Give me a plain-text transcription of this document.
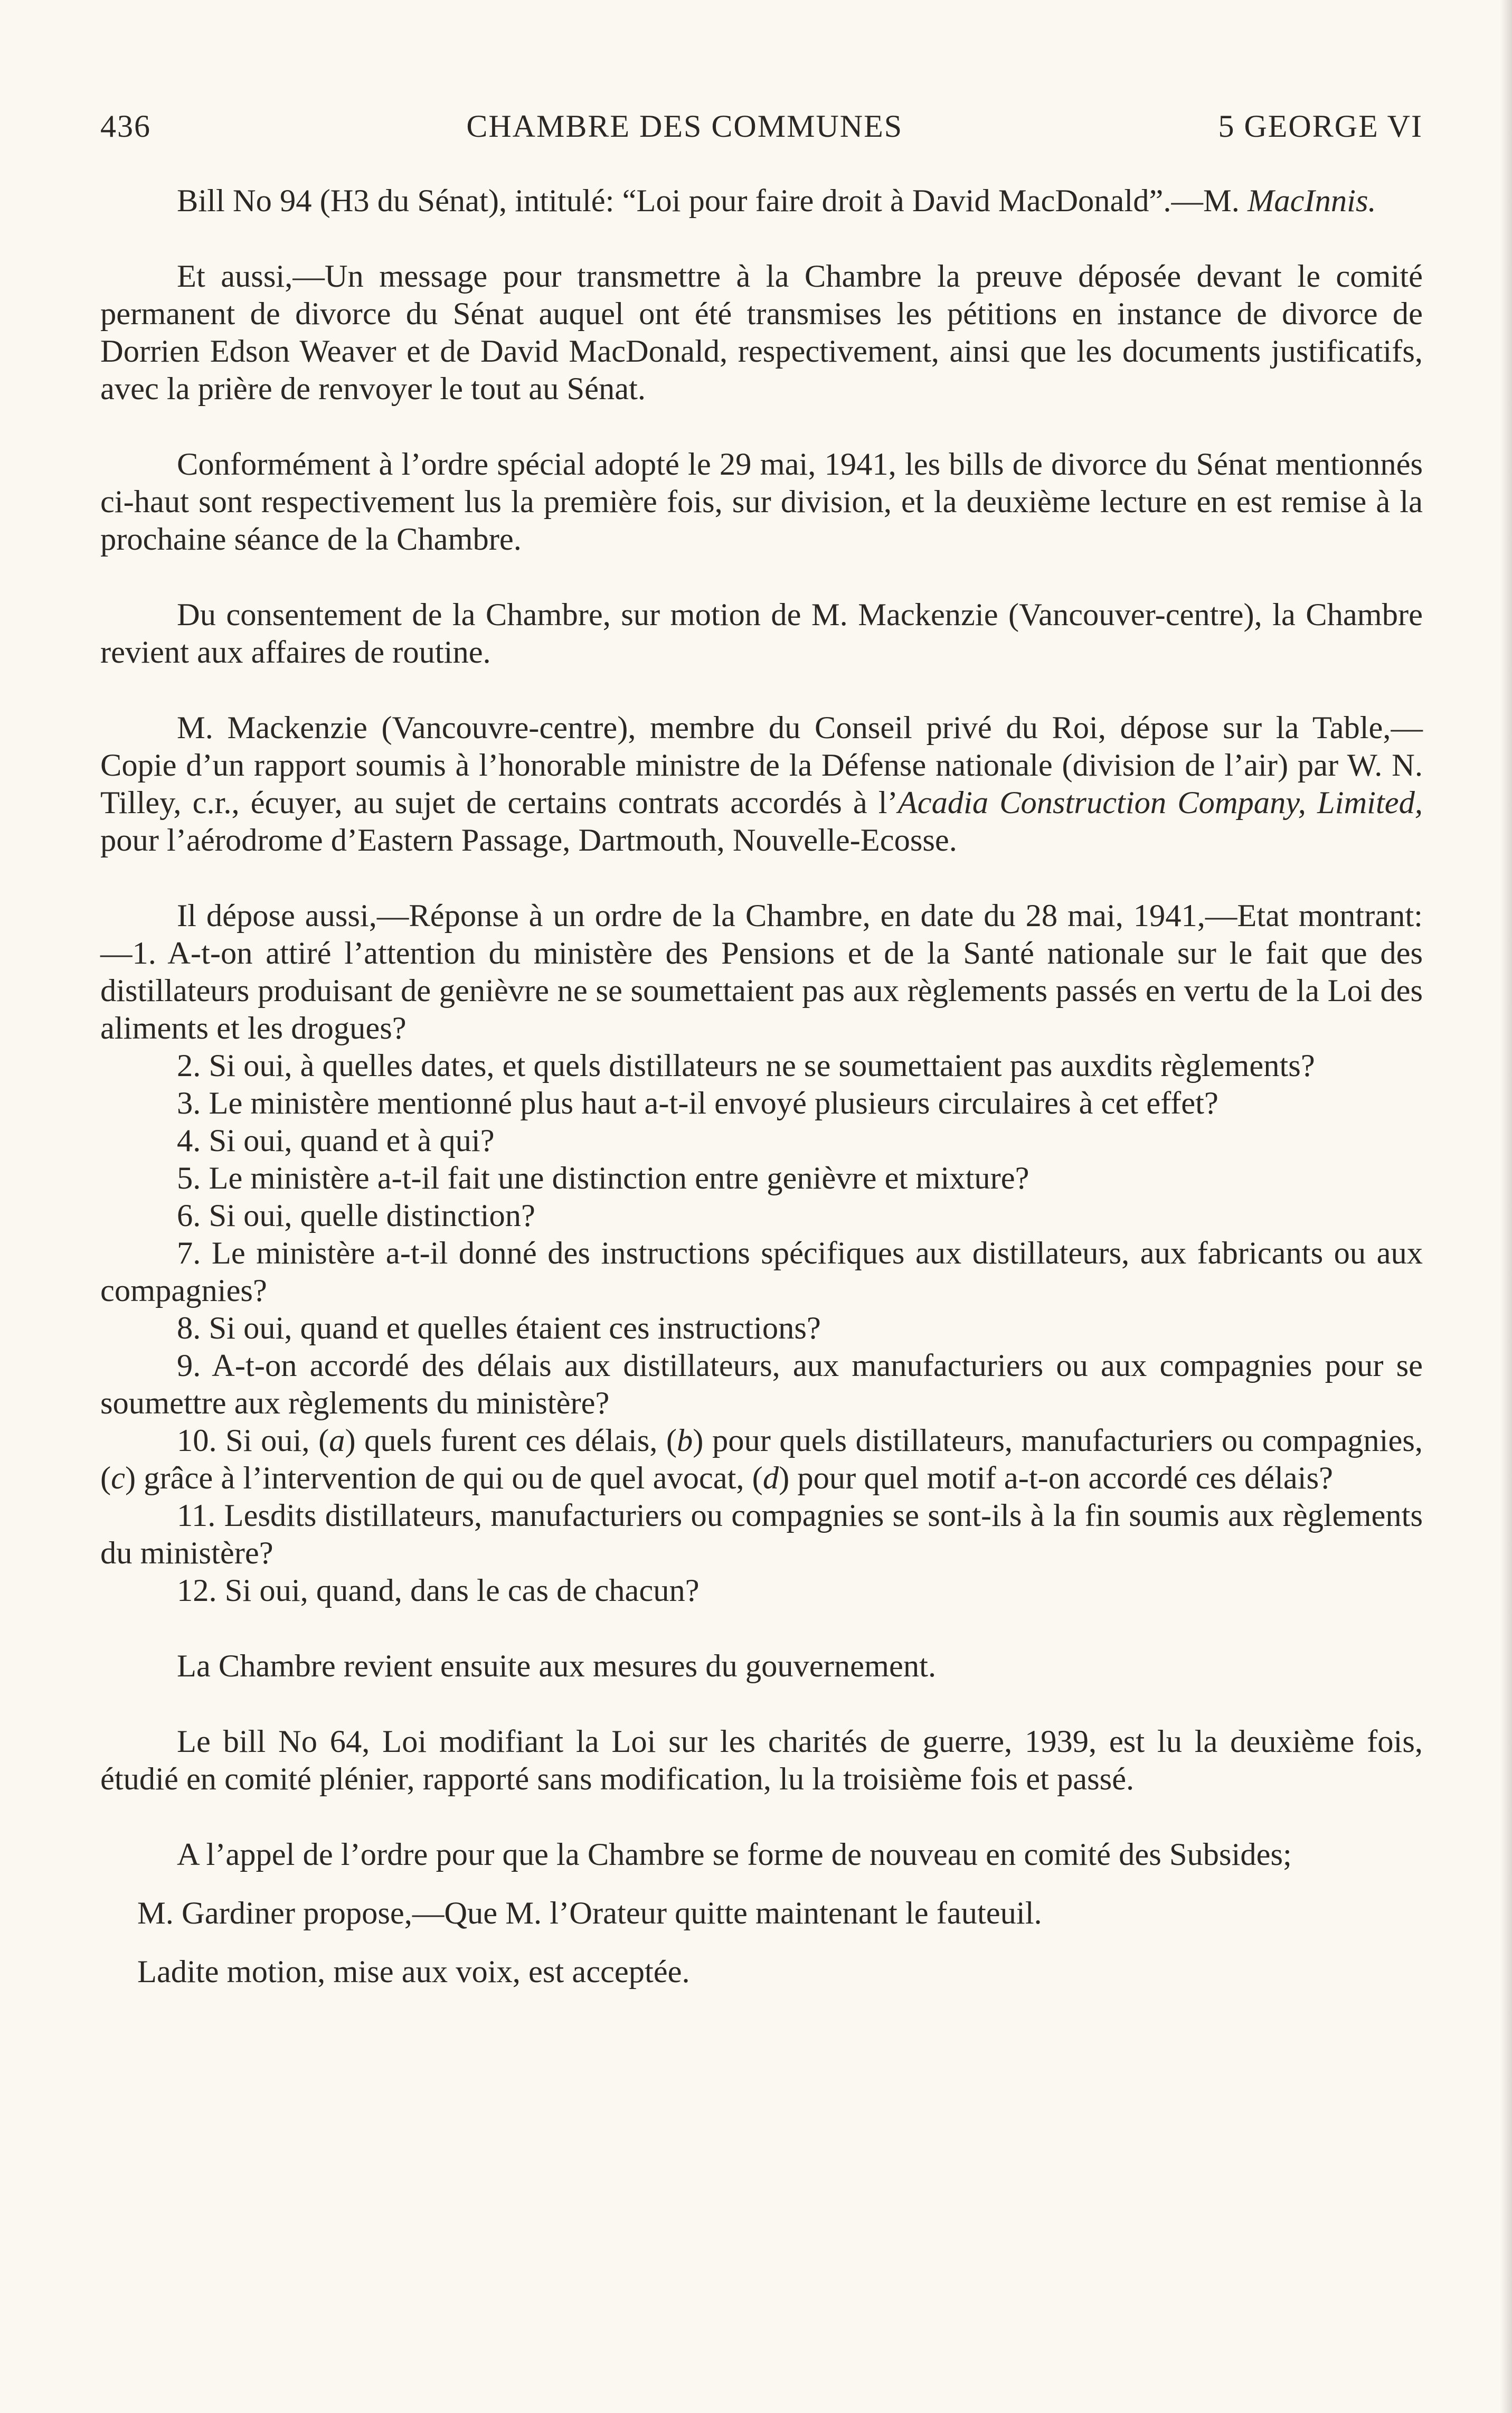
436	CHAMBRE DES COMMUNES	5 GEORGE VI

Bill No 94 (H3 du Sénat), intitulé: “Loi pour faire droit à David MacDonald”.—M. MacInnis.

Et aussi,—Un message pour transmettre à la Chambre la preuve déposée devant le comité permanent de divorce du Sénat auquel ont été transmises les pétitions en instance de divorce de Dorrien Edson Weaver et de David MacDonald, respectivement, ainsi que les documents justificatifs, avec la prière de renvoyer le tout au Sénat.

Conformément à l’ordre spécial adopté le 29 mai, 1941, les bills de divorce du Sénat mentionnés ci-haut sont respectivement lus la première fois, sur division, et la deuxième lecture en est remise à la prochaine séance de la Chambre.

Du consentement de la Chambre, sur motion de M. Mackenzie (Vancouver-centre), la Chambre revient aux affaires de routine.

M. Mackenzie (Vancouvre-centre), membre du Conseil privé du Roi, dépose sur la Table,—Copie d’un rapport soumis à l’honorable ministre de la Défense nationale (division de l’air) par W. N. Tilley, c.r., écuyer, au sujet de certains contrats accordés à l’Acadia Construction Company, Limited, pour l’aérodrome d’Eastern Passage, Dartmouth, Nouvelle-Ecosse.

Il dépose aussi,—Réponse à un ordre de la Chambre, en date du 28 mai, 1941,—Etat montrant:—1. A-t-on attiré l’attention du ministère des Pensions et de la Santé nationale sur le fait que des distillateurs produisant de genièvre ne se soumettaient pas aux règlements passés en vertu de la Loi des aliments et les drogues?

2. Si oui, à quelles dates, et quels distillateurs ne se soumettaient pas auxdits règlements?

3. Le ministère mentionné plus haut a-t-il envoyé plusieurs circulaires à cet effet?

4. Si oui, quand et à qui?

5. Le ministère a-t-il fait une distinction entre genièvre et mixture?

6. Si oui, quelle distinction?

7. Le ministère a-t-il donné des instructions spécifiques aux distillateurs, aux fabricants ou aux compagnies?

8. Si oui, quand et quelles étaient ces instructions?

9. A-t-on accordé des délais aux distillateurs, aux manufacturiers ou aux compagnies pour se soumettre aux règlements du ministère?

10. Si oui, (a) quels furent ces délais, (b) pour quels distillateurs, manufacturiers ou compagnies, (c) grâce à l’intervention de qui ou de quel avocat, (d) pour quel motif a-t-on accordé ces délais?

11. Lesdits distillateurs, manufacturiers ou compagnies se sont-ils à la fin soumis aux règlements du ministère?

12. Si oui, quand, dans le cas de chacun?

La Chambre revient ensuite aux mesures du gouvernement.

Le bill No 64, Loi modifiant la Loi sur les charités de guerre, 1939, est lu la deuxième fois, étudié en comité plénier, rapporté sans modification, lu la troisième fois et passé.

A l’appel de l’ordre pour que la Chambre se forme de nouveau en comité des Subsides;

M. Gardiner propose,—Que M. l’Orateur quitte maintenant le fauteuil.

Ladite motion, mise aux voix, est acceptée.
